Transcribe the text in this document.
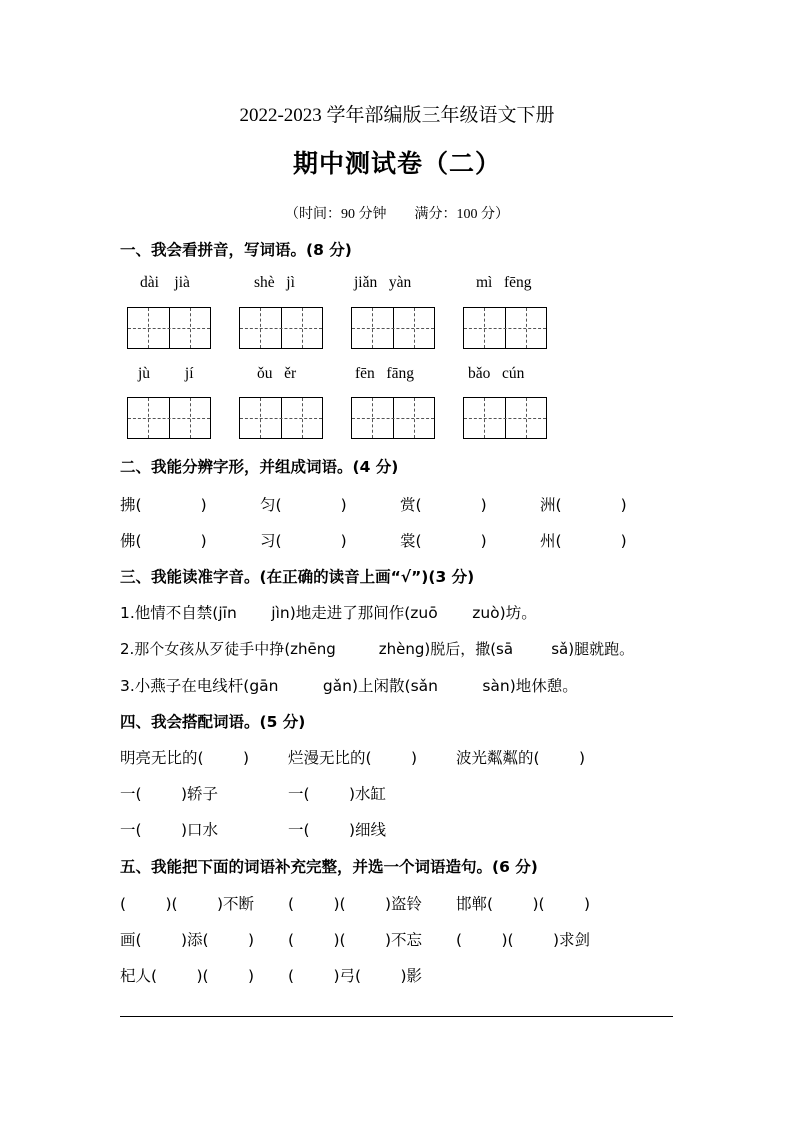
2022-2023 学年部编版三年级语文下册
期中测试卷（二）
（时间：90 分钟        满分：100 分）
一、我会看拼音，写词语。(8 分)
dài    jià	shè   jì	jiǎn   yàn	mì   fēng
jù         jí	ǒu   ěr	fēn   fāng	bǎo   cún
二、我能分辨字形，并组成词语。(4 分)
拂(            )	匀(            )	赏(            )	洲(            )
佛(            )	习(            )	裳(            )	州(            )
三、我能读准字音。(在正确的读音上画“√”)(3 分)
1.他情不自禁(jīn       jìn)地走进了那间作(zuō       zuò)坊。
2.那个女孩从歹徒手中挣(zhēng         zhèng)脱后，撒(sā        sǎ)腿就跑。
3.小燕子在电线杆(gān         gǎn)上闲散(sǎn         sàn)地休憩。
四、我会搭配词语。(5 分)
明亮无比的(        )	烂漫无比的(        )	波光粼粼的(        )
一(        )轿子	一(        )水缸
一(        )口水	一(        )细线
五、我能把下面的词语补充完整，并选一个词语造句。(6 分)
(        )(        )不断 (        )(        )盗铃 邯郸(        )(        )
画(        )添(        ) (        )(        )不忘 (        )(        )求剑
杞人(        )(        ) (        )弓(        )影
